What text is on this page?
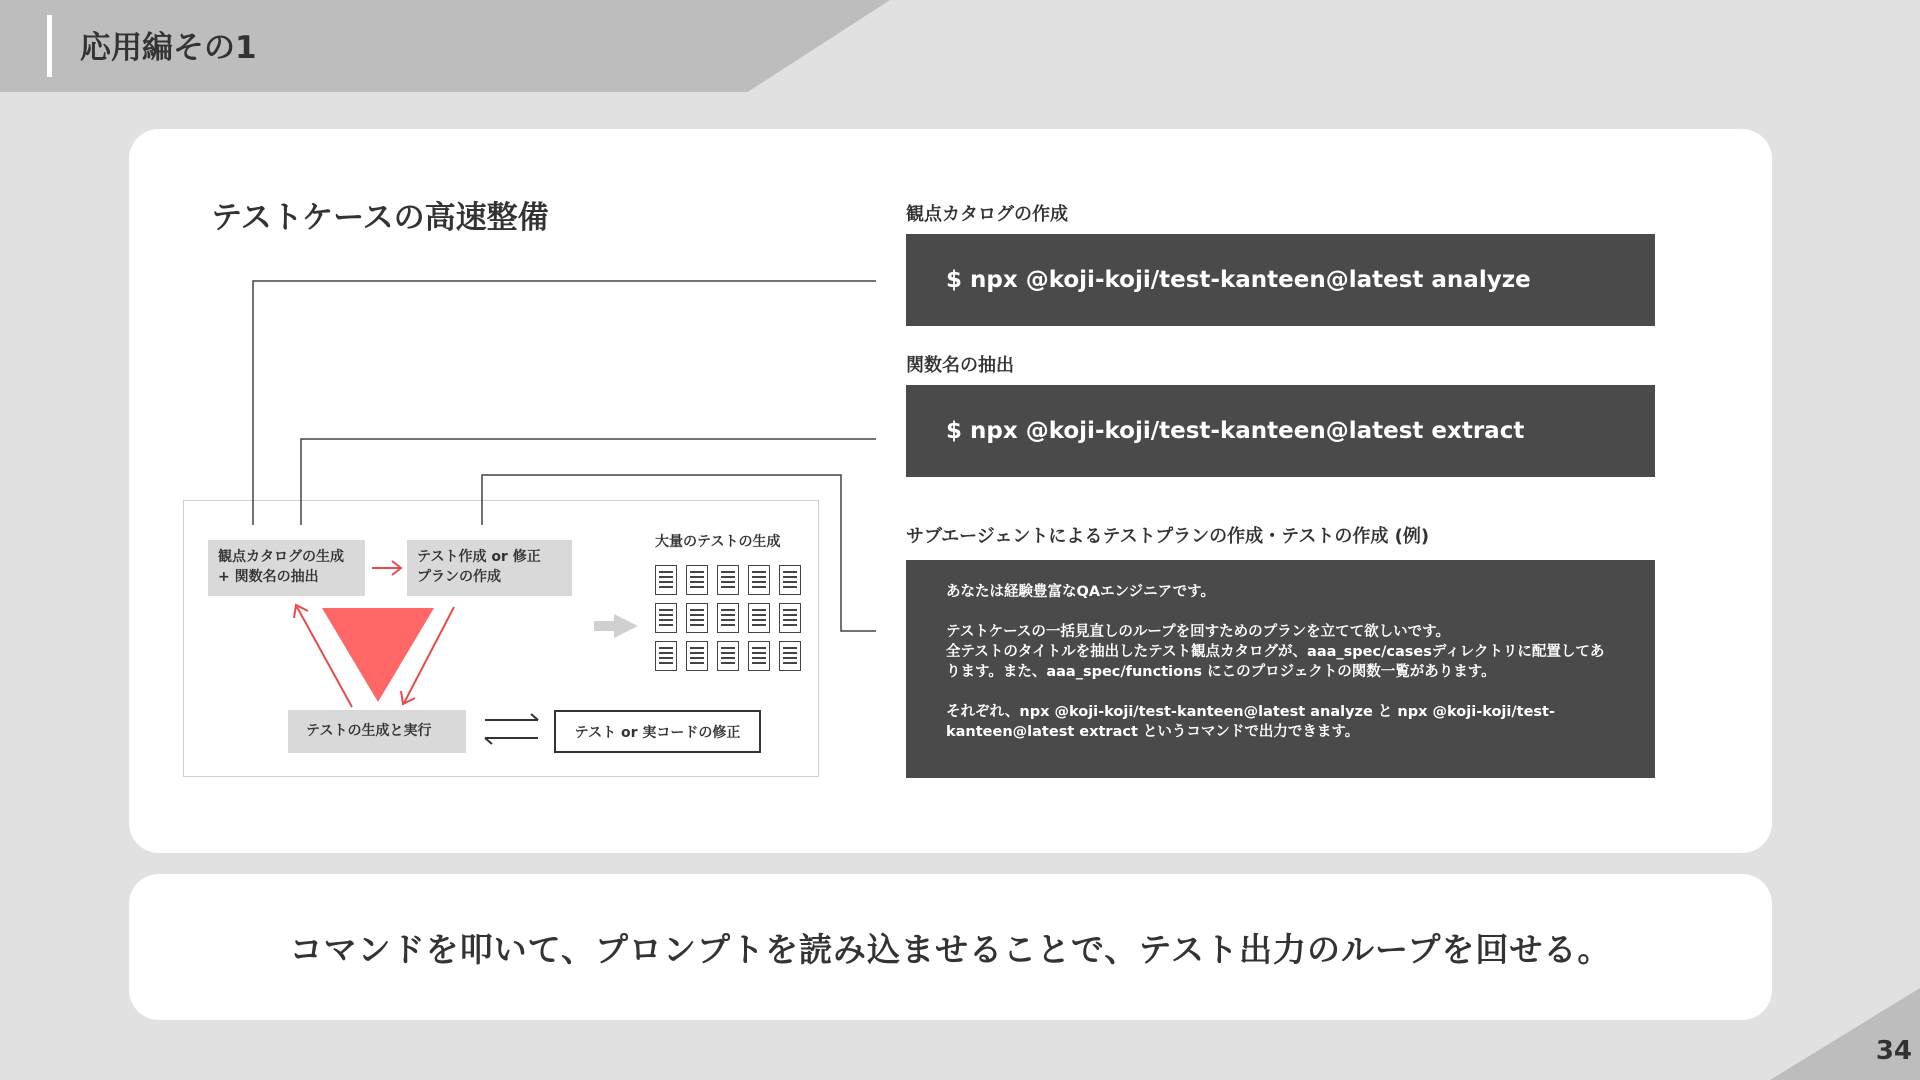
応用編その1
テストケースの高速整備	観点カタログの作成
$ npx @koji-koji/test-kanteen@latest analyze
関数名の抽出
$ npx @koji-koji/test-kanteen@latest extract
サブエージェントによるテストプランの作成・テストの作成 (例)

あなたは経験豊富なQAエンジニアです。

テストケースの一括見直しのループを回すためのプランを立てて欲しいです。
全テストのタイトルを抽出したテスト観点カタログが、aaa_spec/casesディレクトリに配置してあ
ります。また、aaa_spec/functions にこのプロジェクトの関数一覧があります。

それぞれ、npx @koji-koji/test-kanteen@latest analyze と npx @koji-koji/test-
kanteen@latest extract というコマンドで出力できます。

観点カタログの生成
+ 関数名の抽出
テスト作成 or 修正
プランの作成
テストの生成と実行	テスト or 実コードの修正
大量のテストの生成
コマンドを叩いて、プロンプトを読み込ませることで、テスト出力のループを回せる。
34
